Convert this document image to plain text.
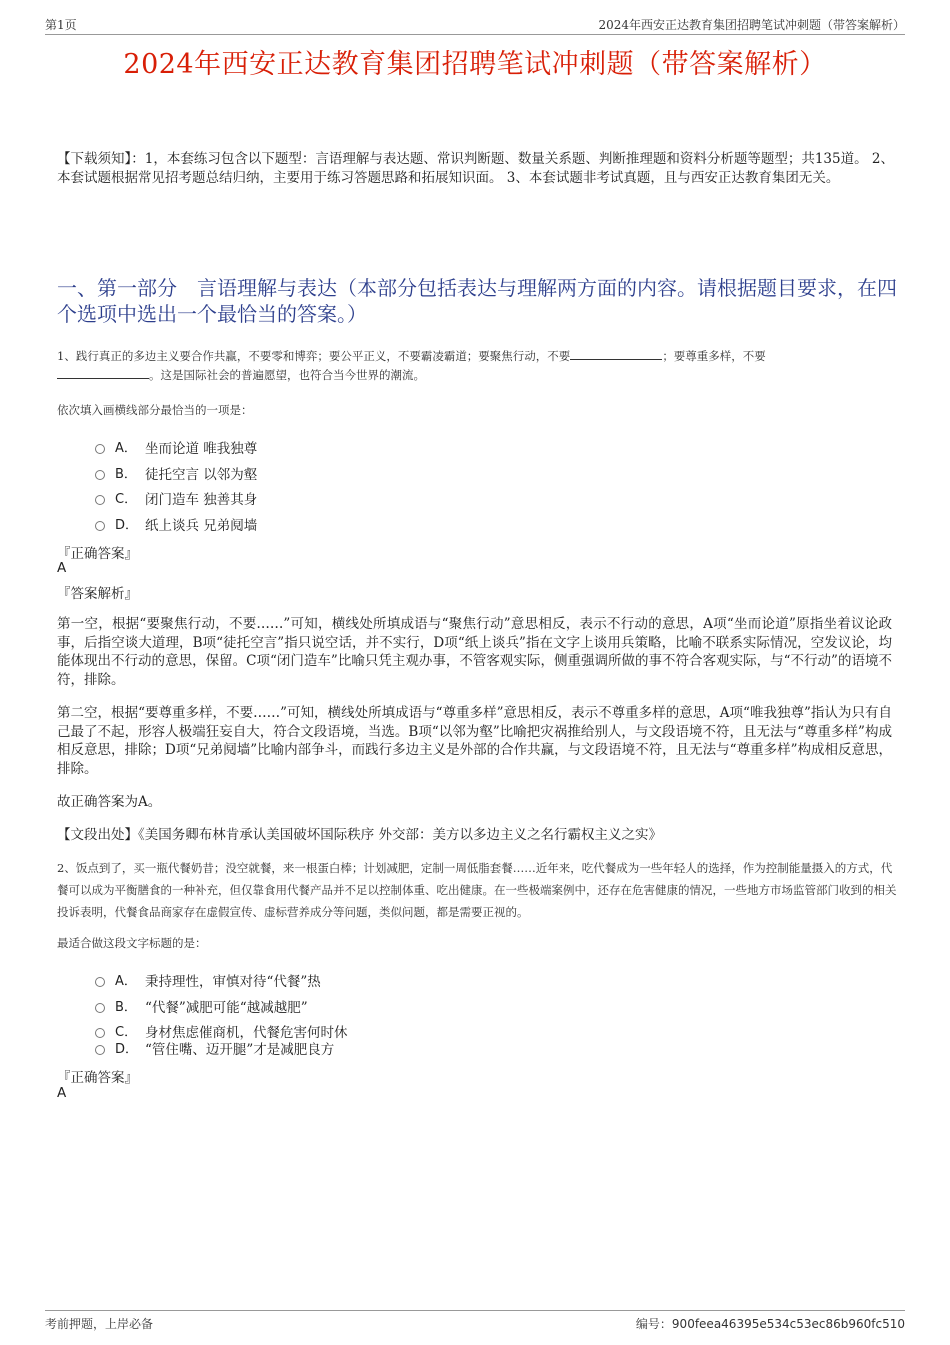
第1页	2024年西安正达教育集团招聘笔试冲刺题（带答案解析）
2024年西安正达教育集团招聘笔试冲刺题（带答案解析）
【下载须知】：1，本套练习包含以下题型：言语理解与表达题、常识判断题、数量关系题、判断推理题和资料分析题等题型；共135道。 2、本套试题根据常见招考题总结归纳，主要用于练习答题思路和拓展知识面。 3、本套试题非考试真题，且与西安正达教育集团无关。
一、第一部分　言语理解与表达（本部分包括表达与理解两方面的内容。请根据题目要求，在四个选项中选出一个最恰当的答案。）
1、践行真正的多边主义要合作共赢，不要零和博弈；要公平正义，不要霸凌霸道；要聚焦行动，不要	；要尊重多样，不要
。这是国际社会的普遍愿望，也符合当今世界的潮流。
依次填入画横线部分最恰当的一项是：
A． 坐而论道 唯我独尊
B． 徒托空言 以邻为壑
C． 闭门造车 独善其身
D． 纸上谈兵 兄弟阋墙
『正确答案』
A
『答案解析』
第一空，根据“要聚焦行动，不要……”可知，横线处所填成语与“聚焦行动”意思相反，表示不行动的意思，A项“坐而论道”原指坐着议论政事，后指空谈大道理，B项“徒托空言”指只说空话，并不实行，D项“纸上谈兵”指在文字上谈用兵策略，比喻不联系实际情况，空发议论，均能体现出不行动的意思，保留。C项“闭门造车”比喻只凭主观办事，不管客观实际，侧重强调所做的事不符合客观实际，与“不行动”的语境不符，排除。
第二空，根据“要尊重多样，不要……”可知，横线处所填成语与“尊重多样”意思相反，表示不尊重多样的意思，A项“唯我独尊”指认为只有自己最了不起，形容人极端狂妄自大，符合文段语境，当选。B项“以邻为壑”比喻把灾祸推给别人，与文段语境不符，且无法与“尊重多样”构成相反意思，排除；D项“兄弟阋墙”比喻内部争斗，而践行多边主义是外部的合作共赢，与文段语境不符，且无法与“尊重多样”构成相反意思，排除。
故正确答案为A。
【文段出处】《美国务卿布林肯承认美国破坏国际秩序 外交部：美方以多边主义之名行霸权主义之实》
2、饭点到了，买一瓶代餐奶昔；没空就餐，来一根蛋白棒；计划减肥，定制一周低脂套餐……近年来，吃代餐成为一些年轻人的选择，作为控制能量摄入的方式，代餐可以成为平衡膳食的一种补充，但仅靠食用代餐产品并不足以控制体重、吃出健康。在一些极端案例中，还存在危害健康的情况，一些地方市场监管部门收到的相关投诉表明，代餐食品商家存在虚假宣传、虚标营养成分等问题，类似问题，都是需要正视的。
最适合做这段文字标题的是：
A． 秉持理性，审慎对待“代餐”热
B． “代餐”减肥可能“越减越肥”
C． 身材焦虑催商机，代餐危害何时休
D． “管住嘴、迈开腿”才是减肥良方
『正确答案』
A
考前押题，上岸必备	编号：900feea46395e534c53ec86b960fc510
